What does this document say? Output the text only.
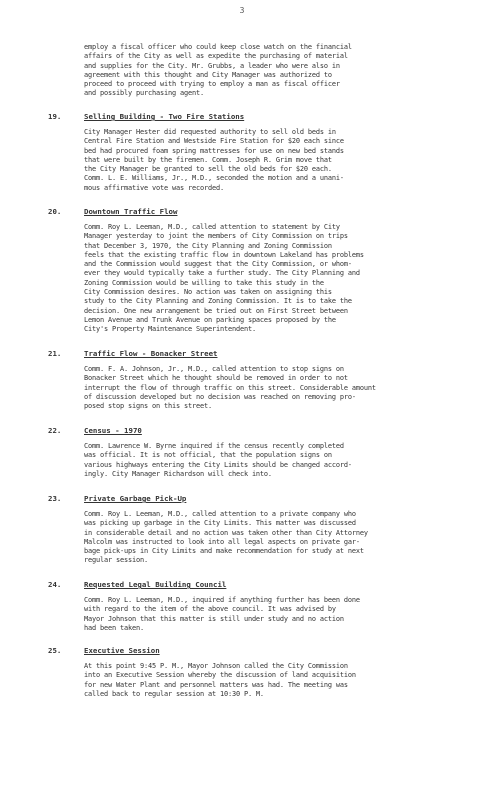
3
employ a fiscal officer who could keep close watch on the financial
affairs of the City as well as expedite the purchasing of material
and supplies for the City. Mr. Grubbs, a leader who were also in
agreement with this thought and City Manager was authorized to
proceed to proceed with trying to employ a man as fiscal officer
and possibly purchasing agent.
19.	Selling Building - Two Fire Stations
City Manager Hester did requested authority to sell old beds in
Central Fire Station and Westside Fire Station for $20 each since
bed had procured foam spring mattresses for use on new bed stands
that were built by the firemen. Comm. Joseph R. Grim move that
the City Manager be granted to sell the old beds for $20 each.
Comm. L. E. Williams, Jr., M.D., seconded the motion and a unani-
mous affirmative vote was recorded.
20.	Downtown Traffic Flow
Comm. Roy L. Leeman, M.D., called attention to statement by City
Manager yesterday to joint the members of City Commission on trips
that December 3, 1970, the City Planning and Zoning Commission
feels that the existing traffic flow in downtown Lakeland has problems
and the Commission would suggest that the City Commission, or whom-
ever they would typically take a further study. The City Planning and
Zoning Commission would be willing to take this study in the
City Commission desires. No action was taken on assigning this
study to the City Planning and Zoning Commission. It is to take the
decision. One new arrangement be tried out on First Street between
Lemon Avenue and Trunk Avenue on parking spaces proposed by the
City's Property Maintenance Superintendent.
21.	Traffic Flow - Bonacker Street
Comm. F. A. Johnson, Jr., M.D., called attention to stop signs on
Bonacker Street which he thought should be removed in order to not
interrupt the flow of through traffic on this street. Considerable amount
of discussion developed but no decision was reached on removing pro-
posed stop signs on this street.
22.	Census - 1970
Comm. Lawrence W. Byrne inquired if the census recently completed
was official. It is not official, that the population signs on
various highways entering the City Limits should be changed accord-
ingly. City Manager Richardson will check into.
23.	Private Garbage Pick-Up
Comm. Roy L. Leeman, M.D., called attention to a private company who
was picking up garbage in the City Limits. This matter was discussed
in considerable detail and no action was taken other than City Attorney
Malcolm was instructed to look into all legal aspects on private gar-
bage pick-ups in City Limits and make recommendation for study at next
regular session.
24.	Requested Legal Building Council
Comm. Roy L. Leeman, M.D., inquired if anything further has been done
with regard to the item of the above council. It was advised by
Mayor Johnson that this matter is still under study and no action
had been taken.
25.	Executive Session
At this point 9:45 P. M., Mayor Johnson called the City Commission
into an Executive Session whereby the discussion of land acquisition
for new Water Plant and personnel matters was had. The meeting was
called back to regular session at 10:30 P. M.
